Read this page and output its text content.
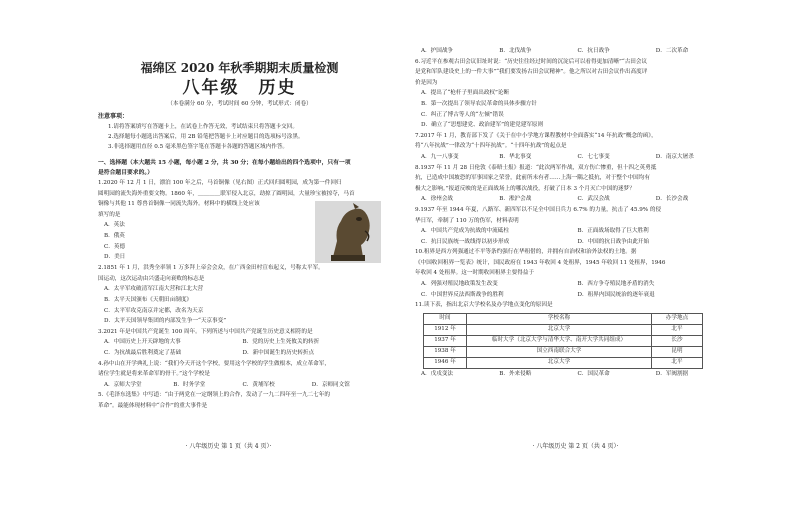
福绵区 2020 年秋季期期末质量检测
八年级　历史
（本卷满分 60 分，考试时间 60 分钟，考试形式：闭卷）
注意事项：
1.请将答案填写在答题卡上，在试卷上作答无效，考试结束只将答题卡交回。
2.选择题每小题选出答案后，用 2B 铅笔把答题卡上对应题目的选项标号涂黑。
3.非选择题用直径 0.5 毫米黑色签字笔在答题卡各题的答题区域内作答。
一、选择题（本大题共 15 小题，每小题 2 分，共 30 分；在每小题给出的四个选项中，只有一项
是符合题目要求的。）
1.2020 年 12 月 1 日，漂泊 100 年之后，马首铜像（见右图）正式回归圆明园，成为第一件回归
圆明园的流失海外重要文物。1860 年，＿＿＿＿联军侵入北京，劫掠了圆明园，大量珍宝被掠夺，马首
铜像与其他 11 尊兽首铜像一同流失海外。材料中的横线上处应该
填写的是
A．英法
B．俄英
C．英德
D．美日
2.1851 年 1 月，洪秀全率领 1 万多拜上帝会会众，在广西金田村宣布起义，号称太平军。
国运动，这次运动由兴盛走向衰败的标志是
A．太平军攻破清军江南大营和江北大营
B．太平天国颁布《天朝田亩制度》
C．太平军攻克南京并定都，改名为天京
D．太平天国领导集团的内部发生争一“天京事变”
3.2021 年是中国共产党诞生 100 周年。下列所述与中国共产党诞生历史意义相符的是
A．中国历史上开天辟地的大事	B．党的历史上生死攸关的转折
C．为抗战最后胜利奠定了基础	D．新中国诞生的历史转折点
4.孙中山在开学典礼上说：“我们今天开这个学校，要用这个学校的学生做根本，成立革命军，
诸位学生就是将来革命军的骨干。”这个学校是
A．京师大学堂	B．时务学堂	C．黄埔军校	D．京师同文馆
5.《毛泽东选集》中写道：“由于两党在一定纲领上的合作，发动了一九二四年至一九二七年的
革命”。最能体现材料中“合作”的重大事件是
· 八年级历史 第 1 页（共 4 页）·
A．护国战争	B．北伐战争	C．抗日战争	D．二次革命
6.习近平在参观古田会议旧址时说：“历史往往经过时间的沉淀后可以看得更加清晰”“古田会议
是党和军队建设史上的一件大事”“我们要发扬古田会议精神”。他之所以对古田会议作出高度评
价是因为
A．提出了“枪杆子里面出政权”论断
B．第一次提出了领导农民革命的具体步骤方针
C．纠正了博古等人的“左倾”错误
D．确立了“思想建党、政治建军”的建党建军原则
7.2017 年 1 月，教育部下发了《关于在中小学地方课程教材中全面落实“14 年抗战”概念的函》，
将“八年抗战”一律改为“十四年抗战”。“十四年抗战”的起点是
A．九一八事变	B．华北事变	C．七七事变	D．南京大屠杀
8.1937 年 11 月 28 日伦敦《泰晤士报》报道：“此次两军作战，双方伤亡惨重，但十四之英勇抵
抗，已造成中国坡恐的军事国家之荣誉，此前所未有者……上海一隅之抵抗，对于整个中国均有
极大之影响。”报道反映的是正面战场上的哪次战役，打破了日本 3 个月灭亡中国的迷梦？
A．徐州会战	B．淞沪会战	C．武汉会战	D．长沙会战
9.1937 年至 1944 年夏，八路军、新四军以不足全中国日兵力 6.7% 的力量，抗击了 45.9% 的侵
华日军，牵制了 110 万的伪军，材料表明
A．中国共产党成为抗战的中流砥柱	B．正面战场取得了巨大胜利
C．抗日民族统一战线得以初步形成	D．中国的抗日战争由此开始
10.租界是西方列强通过不平等条约强行在华租借的，并拥有自治权和治外法权的土地。据
《中国收回租界一览表》统计，国民政府在 1943 年收回 4 处租界，1945 年收回 11 处租界，1946
年收回 4 处租界。这一时期收回租界主要得益于
A．列强对殖民地政策发生改变	B．西方争夺殖民地矛盾的消失
C．中国世界反法西斯战争的胜利	D．租界内国民统治的逐年衰退
11.读下表，指出北京大学校名及办学地点变化的原因是
时间	学校名称	办学地点
1912 年	北京大学	北平
1937 年	临时大学（北京大学与清华大学、南开大学共同组成）	长沙
1938 年	国立西南联合大学	昆明
1946 年	北京大学	北平
A．戊戌变法	B．外来侵略	C．国民革命	D．军阀割据
· 八年级历史 第 2 页（共 4 页）·
